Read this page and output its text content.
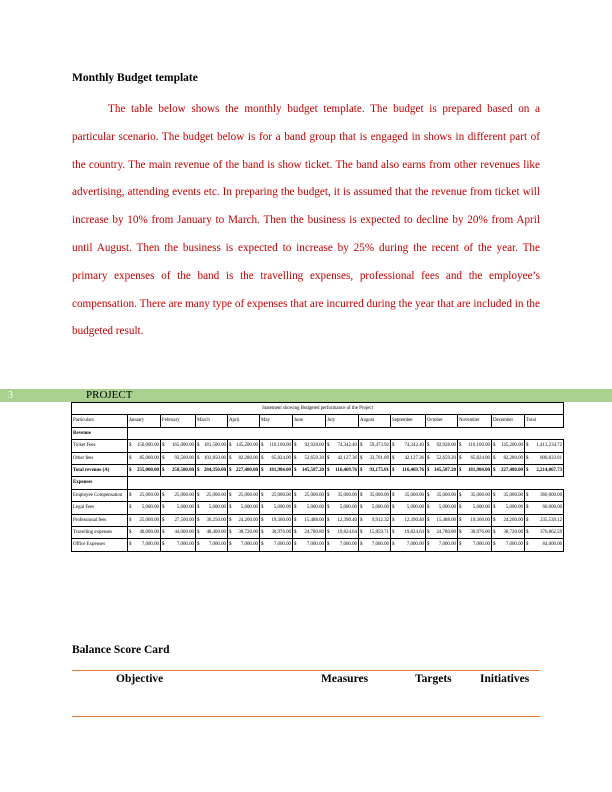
Monthly Budget template

The table below shows the monthly budget template. The budget is prepared based on a particular scenario. The budget below is for a band group that is engaged in shows in different part of the country. The main revenue of the band is show ticket. The band also earns from other revenues like advertising, attending events etc. In preparing the budget, it is assumed that the revenue from ticket will increase by 10% from January to March. Then the business is expected to decline by 20% from April until August. Then the business is expected to increase by 25% during the recent of the year. The primary expenses of the band is the travelling expenses, professional fees and the employee’s compensation. There are many type of expenses that are incurred during the year that are included in the budgeted result.

3	PROJECT
Statement showing Budgeted performance of the Project													
Particulars	January	February	March	April	May	June	July	August	September	October	November	December	Total
Revenue													
Ticket Fees	$ 150,000.00	$ 165,000.00	$ 181,500.00	$ 145,200.00	$ 116,160.00	$ 92,928.00	$ 74,342.40	$ 59,473.92	$ 74,342.40	$ 92,928.00	$ 116,160.00	$ 145,200.00	$ 1,413,234.72
Other fees	$ 85,000.00	$ 93,500.00	$ 102,850.00	$ 82,280.00	$ 65,824.00	$ 52,659.20	$ 42,127.36	$ 33,701.89	$ 42,127.36	$ 52,659.20	$ 65,824.00	$ 82,280.00	$ 800,833.01
Total revenue (A)	$ 235,000.00	$ 258,500.00	$ 284,350.00	$ 227,480.00	$ 181,984.00	$ 145,587.20	$ 116,469.76	$ 93,175.81	$ 116,469.76	$ 145,587.20	$ 181,984.00	$ 227,480.00	$ 2,214,067.73
Expenses													
Employee Compensation	$ 25,000.00	$ 25,000.00	$ 25,000.00	$ 25,000.00	$ 25,000.00	$ 25,000.00	$ 35,000.00	$ 35,000.00	$ 35,000.00	$ 35,000.00	$ 35,000.00	$ 35,000.00	$ 360,000.00
Legal Fees	$ 5,000.00	$ 5,000.00	$ 5,000.00	$ 5,000.00	$ 5,000.00	$ 5,000.00	$ 5,000.00	$ 5,000.00	$ 5,000.00	$ 5,000.00	$ 5,000.00	$ 5,000.00	$ 60,000.00
Professional fees	$ 25,000.00	$ 27,500.00	$ 30,250.00	$ 24,200.00	$ 19,360.00	$ 15,488.00	$ 12,390.40	$ 9,912.32	$ 12,390.40	$ 15,488.00	$ 19,360.00	$ 24,200.00	$ 235,539.12
Travelling expenses	$ 40,000.00	$ 44,000.00	$ 48,400.00	$ 38,720.00	$ 30,976.00	$ 24,780.80	$ 19,824.64	$ 15,859.71	$ 19,824.64	$ 24,780.80	$ 30,976.00	$ 38,720.00	$ 376,862.59
Office Expenses	$ 7,000.00	$ 7,000.00	$ 7,000.00	$ 7,000.00	$ 7,000.00	$ 7,000.00	$ 7,000.00	$ 7,000.00	$ 7,000.00	$ 7,000.00	$ 7,000.00	$ 7,000.00	$ 84,000.00
Balance Score Card
Objective	Measures	Targets Initiatives
